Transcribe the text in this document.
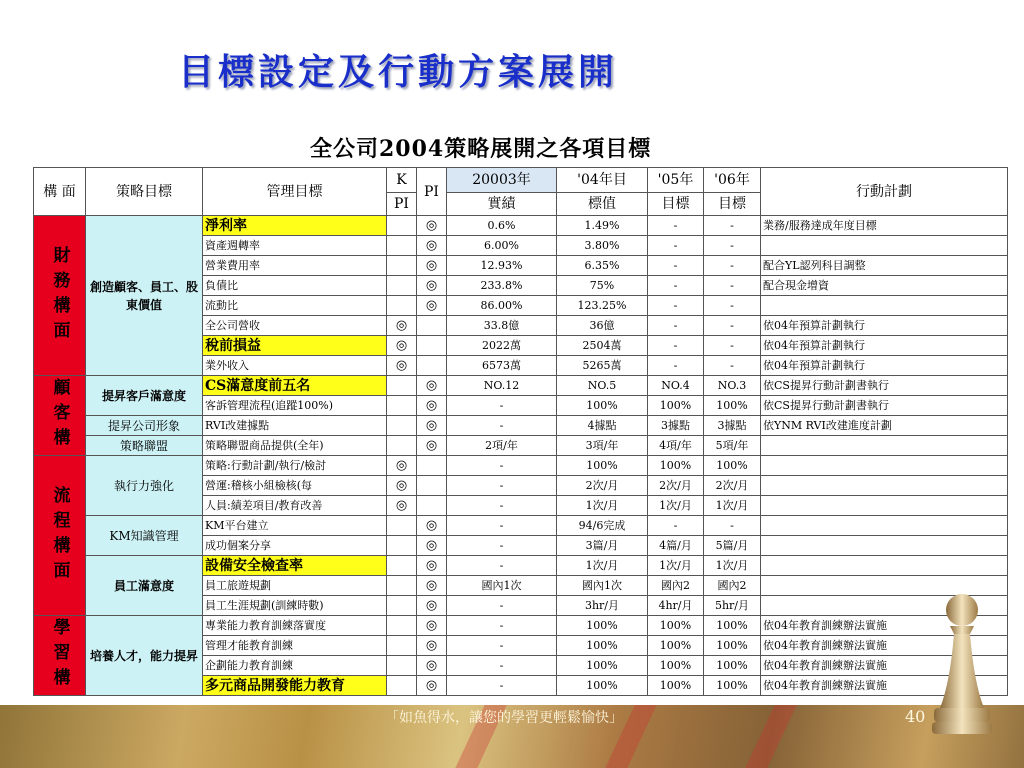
目標設定及行動方案展開
全公司2004策略展開之各項目標
構 面	策略目標	管理目標	K	PI	20003年	'04年目	'05年	'06年	行動計劃
			PI		實績	標值	目標	目標	
財務構面	創造顧客、員工、股東價值	淨利率		◎	0.6%	1.49%	-	-	業務/服務達成年度目標
		資產週轉率		◎	6.00%	3.80%	-	-	
		營業費用率		◎	12.93%	6.35%	-	-	配合YL認列科目調整
		負債比		◎	233.8%	75%	-	-	配合現金增資
		流動比		◎	86.00%	123.25%	-	-	
		全公司營收	◎		33.8億	36億	-	-	依04年預算計劃執行
		稅前損益	◎		2022萬	2504萬	-	-	依04年預算計劃執行
		業外收入	◎		6573萬	5265萬	-	-	依04年預算計劃執行
顧客構	提昇客戶滿意度	CS滿意度前五名		◎	NO.12	NO.5	NO.4	NO.3	依CS提昇行動計劃書執行
		客訴管理流程(追蹤100%)		◎	-	100%	100%	100%	依CS提昇行動計劃書執行
	提昇公司形象	RVI改建據點		◎	-	4據點	3據點	3據點	依YNM RVI改建進度計劃
	策略聯盟	策略聯盟商品提供(全年)		◎	2項/年	3項/年	4項/年	5項/年	
流程構面	執行力強化	策略:行動計劃/執行/檢討	◎		-	100%	100%	100%	
		營運:稽核小組檢核(每	◎		-	2次/月	2次/月	2次/月	
		人員:績差項目/教育改善	◎		-	1次/月	1次/月	1次/月	
	KM知識管理	KM平台建立		◎	-	94/6完成	-	-	
		成功個案分享		◎	-	3篇/月	4篇/月	5篇/月	
	員工滿意度	設備安全檢查率		◎	-	1次/月	1次/月	1次/月	
		員工旅遊規劃		◎	國內1次	國內1次	國內2	國內2	
		員工生涯規劃(訓練時數)		◎	-	3hr/月	4hr/月	5hr/月	
學習構	培養人才，能力提昇	專業能力教育訓練落實度		◎	-	100%	100%	100%	依04年教育訓練辦法實施
		管理才能教育訓練		◎	-	100%	100%	100%	依04年教育訓練辦法實施
		企劃能力教育訓練		◎	-	100%	100%	100%	依04年教育訓練辦法實施
		多元商品開發能力教育		◎	-	100%	100%	100%	依04年教育訓練辦法實施
「如魚得水，讓您的學習更輕鬆愉快」	40
